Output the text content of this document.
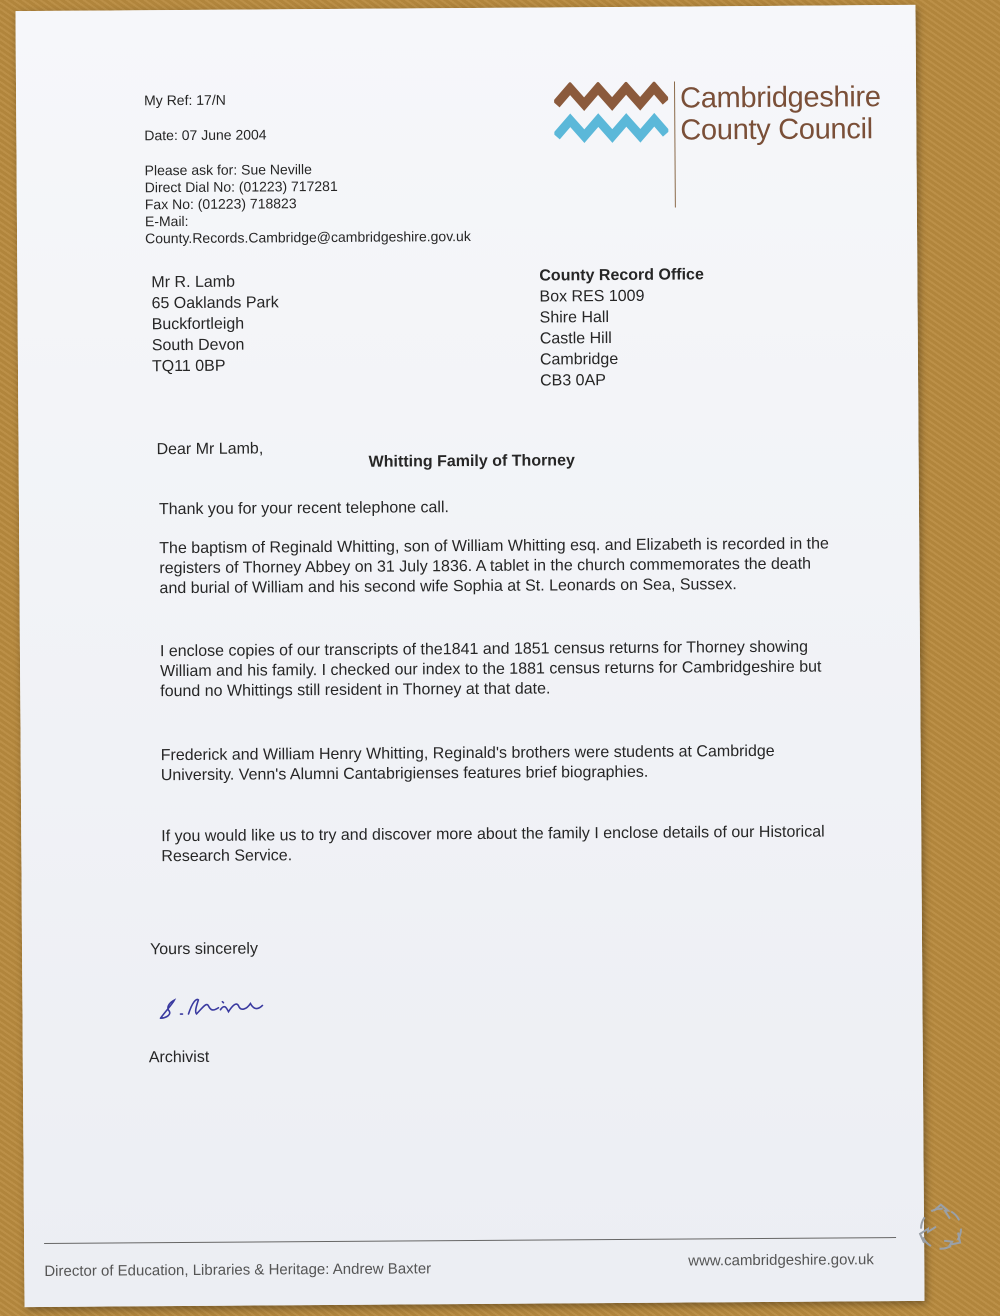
My Ref: 17/N
Date: 07 June 2004
Please ask for: Sue Neville
Direct Dial No: (01223) 717281
Fax No: (01223) 718823
E-Mail:
County.Records.Cambridge@cambridgeshire.gov.uk
Cambridgeshire
County Council
Mr R. Lamb
65 Oaklands Park
Buckfortleigh
South Devon
TQ11 0BP
County Record Office
Box RES 1009
Shire Hall
Castle Hill
Cambridge
CB3 0AP
Dear Mr Lamb,
Whitting Family of Thorney
Thank you for your recent telephone call.
The baptism of Reginald Whitting, son of William Whitting esq. and Elizabeth is recorded in the registers of Thorney Abbey on 31 July 1836. A tablet in the church commemorates the death and burial of William and his second wife Sophia at St. Leonards on Sea, Sussex.
I enclose copies of our transcripts of the1841 and 1851 census returns for Thorney showing William and his family. I checked our index to the 1881 census returns for Cambridgeshire but found no Whittings still resident in Thorney at that date.
Frederick and William Henry Whitting, Reginald's brothers were students at Cambridge University. Venn's Alumni Cantabrigienses features brief biographies.
If you would like us to try and discover more about the family I enclose details of our Historical Research Service.
Yours sincerely
Archivist
Director of Education, Libraries & Heritage: Andrew Baxter	www.cambridgeshire.gov.uk
